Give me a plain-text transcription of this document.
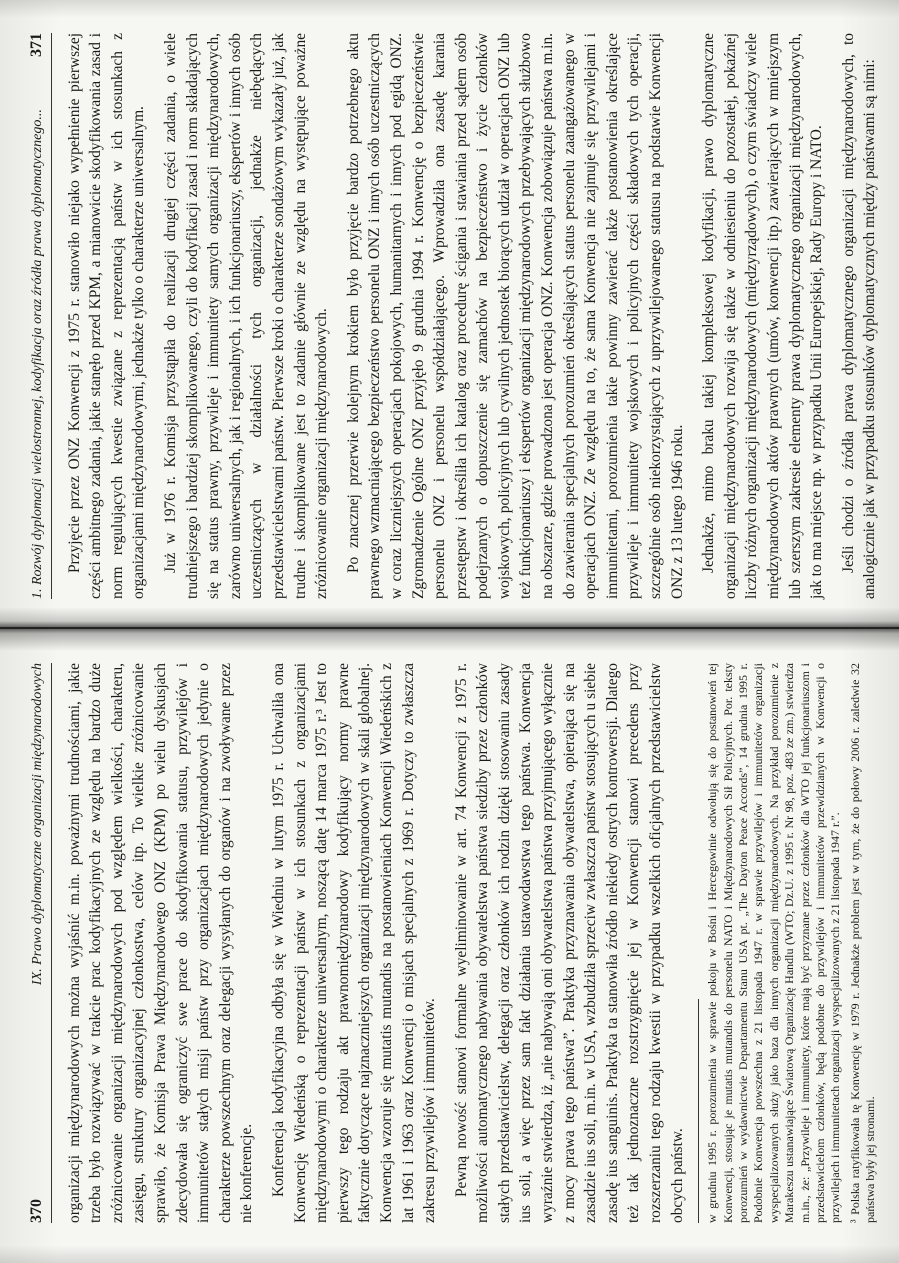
370
IX. Prawo dyplomatyczne organizacji międzynarodowych organizacji międzynarodowych można wyjaśnić m.in. poważnymi trudnościami, jakie trzeba było rozwiązywać w trakcie prac kodyfikacyjnych ze względu na bardzo duże zróżnicowanie organizacji międzynarodowych pod względem wielkości, charakteru, zasięgu, struktury organizacyjnej członkostwa, celów itp. To wielkie zróżnicowanie sprawiło, że Komisja Prawa Międzynarodowego ONZ (KPM) po wielu dyskusjach zdecydowała się ograniczyć swe prace do skodyfikowania statusu, przywilejów i immunitetów stałych misji państw przy organizacjach międzynarodowych jedynie o charakterze powszechnym oraz delegacji wysyłanych do organów i na zwoływane przez nie konferencje. Konferencja kodyfikacyjna odbyła się w Wiedniu w lutym 1975 r. Uchwaliła ona Konwencję Wiedeńską o reprezentacji państw w ich stosunkach z organizacjami międzynarodowymi o charakterze uniwersalnym, noszącą datę 14 marca 1975 r.³ Jest to pierwszy tego rodzaju akt prawnomiędzynarodowy kodyfikujący normy prawne faktycznie dotyczące najznaczniejszych organizacji międzynarodowych w skali globalnej. Konwencja wzoruje się mutatis mutandis na postanowieniach Konwencji Wiedeńskich z lat 1961 i 1963 oraz Konwencji o misjach specjalnych z 1969 r. Dotyczy to zwłaszcza zakresu przywilejów i immunitetów. Pewną nowość stanowi formalne wyeliminowanie w art. 74 Konwencji z 1975 r. możliwości automatycznego nabywania obywatelstwa państwa siedziby przez członków stałych przedstawicielstw, delegacji oraz członków ich rodzin dzięki stosowaniu zasady ius soli, a więc przez sam fakt działania ustawodawstwa tego państwa. Konwencja wyraźnie stwierdza, iż „nie nabywają oni obywatelstwa państwa przyjmującego wyłącznie z mocy prawa tego państwa”. Praktyka przyznawania obywatelstwa, opierająca się na zasadzie ius soli, m.in. w USA, wzbudziła sprzeciw zwłaszcza państw stosujących u siebie zasadę ius sanguinis. Praktyka ta stanowiła źródło niekiedy ostrych kontrowersji. Dlatego też tak jednoznaczne rozstrzygnięcie jej w Konwencji stanowi precedens przy rozszerzaniu tego rodzaju kwestii w przypadku wszelkich oficjalnych przedstawicielstw obcych państw. w grudniu 1995 r. porozumienia w sprawie pokoju w Bośni i Hercegowinie odwołują się do postanowień tej Konwencji, stosując je mutatis mutandis do personelu NATO i Międzynarodowych Sił Policyjnych. Por. teksty porozumień w wydawnictwie Departamentu Stanu USA pt. „The Dayton Peace Accords”, 14 grudnia 1995 r. Podobnie Konwencja powszechna z 21 listopada 1947 r. w sprawie przywilejów i immunitetów organizacji wyspecjalizowanych służy jako baza dla innych organizacji międzynarodowych. Na przykład porozumienie z Marakeszu ustanawiające Światową Organizację Handlu (WTO; Dz.U. z 1995 r. Nr 98, poz. 483 ze zm.) stwierdza m.in., że: „Przywileje i immunitety, które mają być przyznane przez członków dla WTO jej funkcjonariuszom i przedstawicielom członków, będą podobne do przywilejów i immunitetów przewidzianych w Konwencji o przywilejach i immunitetach organizacji wyspecjalizowanych z 21 listopada 1947 r.”. ³ Polska ratyfikowała tę Konwencję w 1979 r. Jednakże problem jest w tym, że do połowy 2006 r. zaledwie 32 państwa były jej stronami.

1. Rozwój dyplomacji wielostronnej, kodyfikacja oraz źródła prawa dyplomatycznego...
371 Przyjęcie przez ONZ Konwencji z 1975 r. stanowiło niejako wypełnienie pierwszej części ambitnego zadania, jakie stanęło przed KPM, a mianowicie skodyfikowania zasad i norm regulujących kwestie związane z reprezentacją państw w ich stosunkach z organizacjami międzynarodowymi, jednakże tylko o charakterze uniwersalnym. Już w 1976 r. Komisja przystąpiła do realizacji drugiej części zadania, o wiele trudniejszego i bardziej skomplikowanego, czyli do kodyfikacji zasad i norm składających się na status prawny, przywileje i immunitety samych organizacji międzynarodowych, zarówno uniwersalnych, jak i regionalnych, i ich funkcjonariuszy, ekspertów i innych osób uczestniczących w działalności tych organizacji, jednakże niebędących przedstawicielstwami państw. Pierwsze kroki o charakterze sondażowym wykazały już, jak trudne i skomplikowane jest to zadanie głównie ze względu na występujące poważne zróżnicowanie organizacji międzynarodowych. Po znacznej przerwie kolejnym krokiem było przyjęcie bardzo potrzebnego aktu prawnego wzmacniającego bezpieczeństwo personelu ONZ i innych osób uczestniczących w coraz liczniejszych operacjach pokojowych, humanitarnych i innych pod egidą ONZ. Zgromadzenie Ogólne ONZ przyjęło 9 grudnia 1994 r. Konwencję o bezpieczeństwie personelu ONZ i personelu współdziałającego. Wprowadziła ona zasadę karania przestępstw i określiła ich katalog oraz procedurę ścigania i stawiania przed sądem osób podejrzanych o dopuszczenie się zamachów na bezpieczeństwo i życie członków wojskowych, policyjnych lub cywilnych jednostek biorących udział w operacjach ONZ lub też funkcjonariuszy i ekspertów organizacji międzynarodowych przebywających służbowo na obszarze, gdzie prowadzona jest operacja ONZ. Konwencja zobowiązuje państwa m.in. do zawierania specjalnych porozumień określających status personelu zaangażowanego w operacjach ONZ. Ze względu na to, że sama Konwencja nie zajmuje się przywilejami i immunitetami, porozumienia takie powinny zawierać także postanowienia określające przywileje i immunitety wojskowych i policyjnych części składowych tych operacji, szczególnie osób niekorzystających z uprzywilejowanego statusu na podstawie Konwencji ONZ z 13 lutego 1946 roku. Jednakże, mimo braku takiej kompleksowej kodyfikacji, prawo dyplomatyczne organizacji międzynarodowych rozwija się także w odniesieniu do pozostałej, pokaźnej liczby różnych organizacji międzynarodowych (międzyrządowych), o czym świadczy wiele międzynarodowych aktów prawnych (umów, konwencji itp.) zawierających w mniejszym lub szerszym zakresie elementy prawa dyplomatycznego organizacji międzynarodowych, jak to ma miejsce np. w przypadku Unii Europejskiej, Rady Europy i NATO. Jeśli chodzi o źródła prawa dyplomatycznego organizacji międzynarodowych, to analogicznie jak w przypadku stosunków dyplomatycznych między państwami są nimi:
